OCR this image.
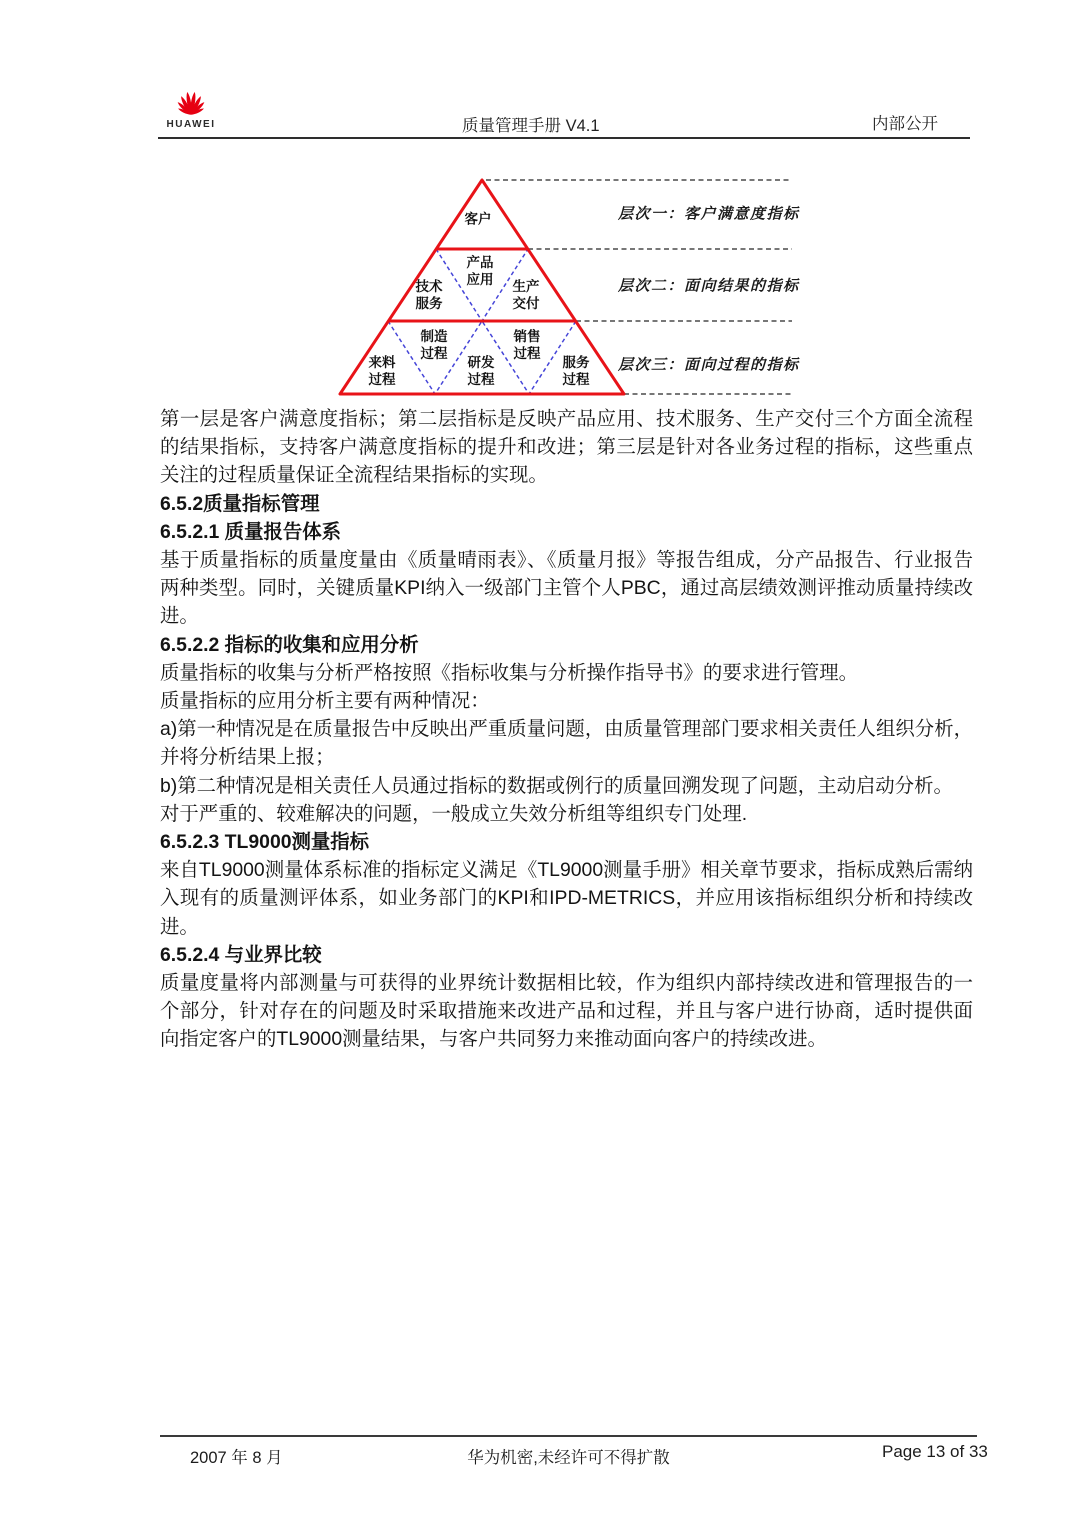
HUAWEI	质量管理手册 V4.1	内部公开
客户
产品应用
技术服务
生产交付
制造过程
销售过程
来料过程
研发过程
服务过程
层次一：客户满意度指标
层次二：面向结果的指标
层次三：面向过程的指标

第一层是客户满意度指标；第二层指标是反映产品应用、技术服务、生产交付三个方面全流程的结果指标，支持客户满意度指标的提升和改进；第三层是针对各业务过程的指标，这些重点关注的过程质量保证全流程结果指标的实现。

6.5.2质量指标管理
6.5.2.1 质量报告体系

基于质量指标的质量度量由《质量晴雨表》、《质量月报》等报告组成，分产品报告、行业报告两种类型。同时，关键质量KPI纳入一级部门主管个人PBC，通过高层绩效测评推动质量持续改进。

6.5.2.2 指标的收集和应用分析

质量指标的收集与分析严格按照《指标收集与分析操作指导书》的要求进行管理。

质量指标的应用分析主要有两种情况：

a)第一种情况是在质量报告中反映出严重质量问题，由质量管理部门要求相关责任人组织分析，并将分析结果上报；

b)第二种情况是相关责任人员通过指标的数据或例行的质量回溯发现了问题，主动启动分析。

对于严重的、较难解决的问题，一般成立失效分析组等组织专门处理.

6.5.2.3 TL9000测量指标

来自TL9000测量体系标准的指标定义满足《TL9000测量手册》相关章节要求，指标成熟后需纳入现有的质量测评体系，如业务部门的KPI和IPD-METRICS，并应用该指标组织分析和持续改进。

6.5.2.4 与业界比较

质量度量将内部测量与可获得的业界统计数据相比较，作为组织内部持续改进和管理报告的一个部分，针对存在的问题及时采取措施来改进产品和过程，并且与客户进行协商，适时提供面向指定客户的TL9000测量结果，与客户共同努力来推动面向客户的持续改进。

2007 年 8 月	华为机密,未经许可不得扩散	Page 13 of 33
